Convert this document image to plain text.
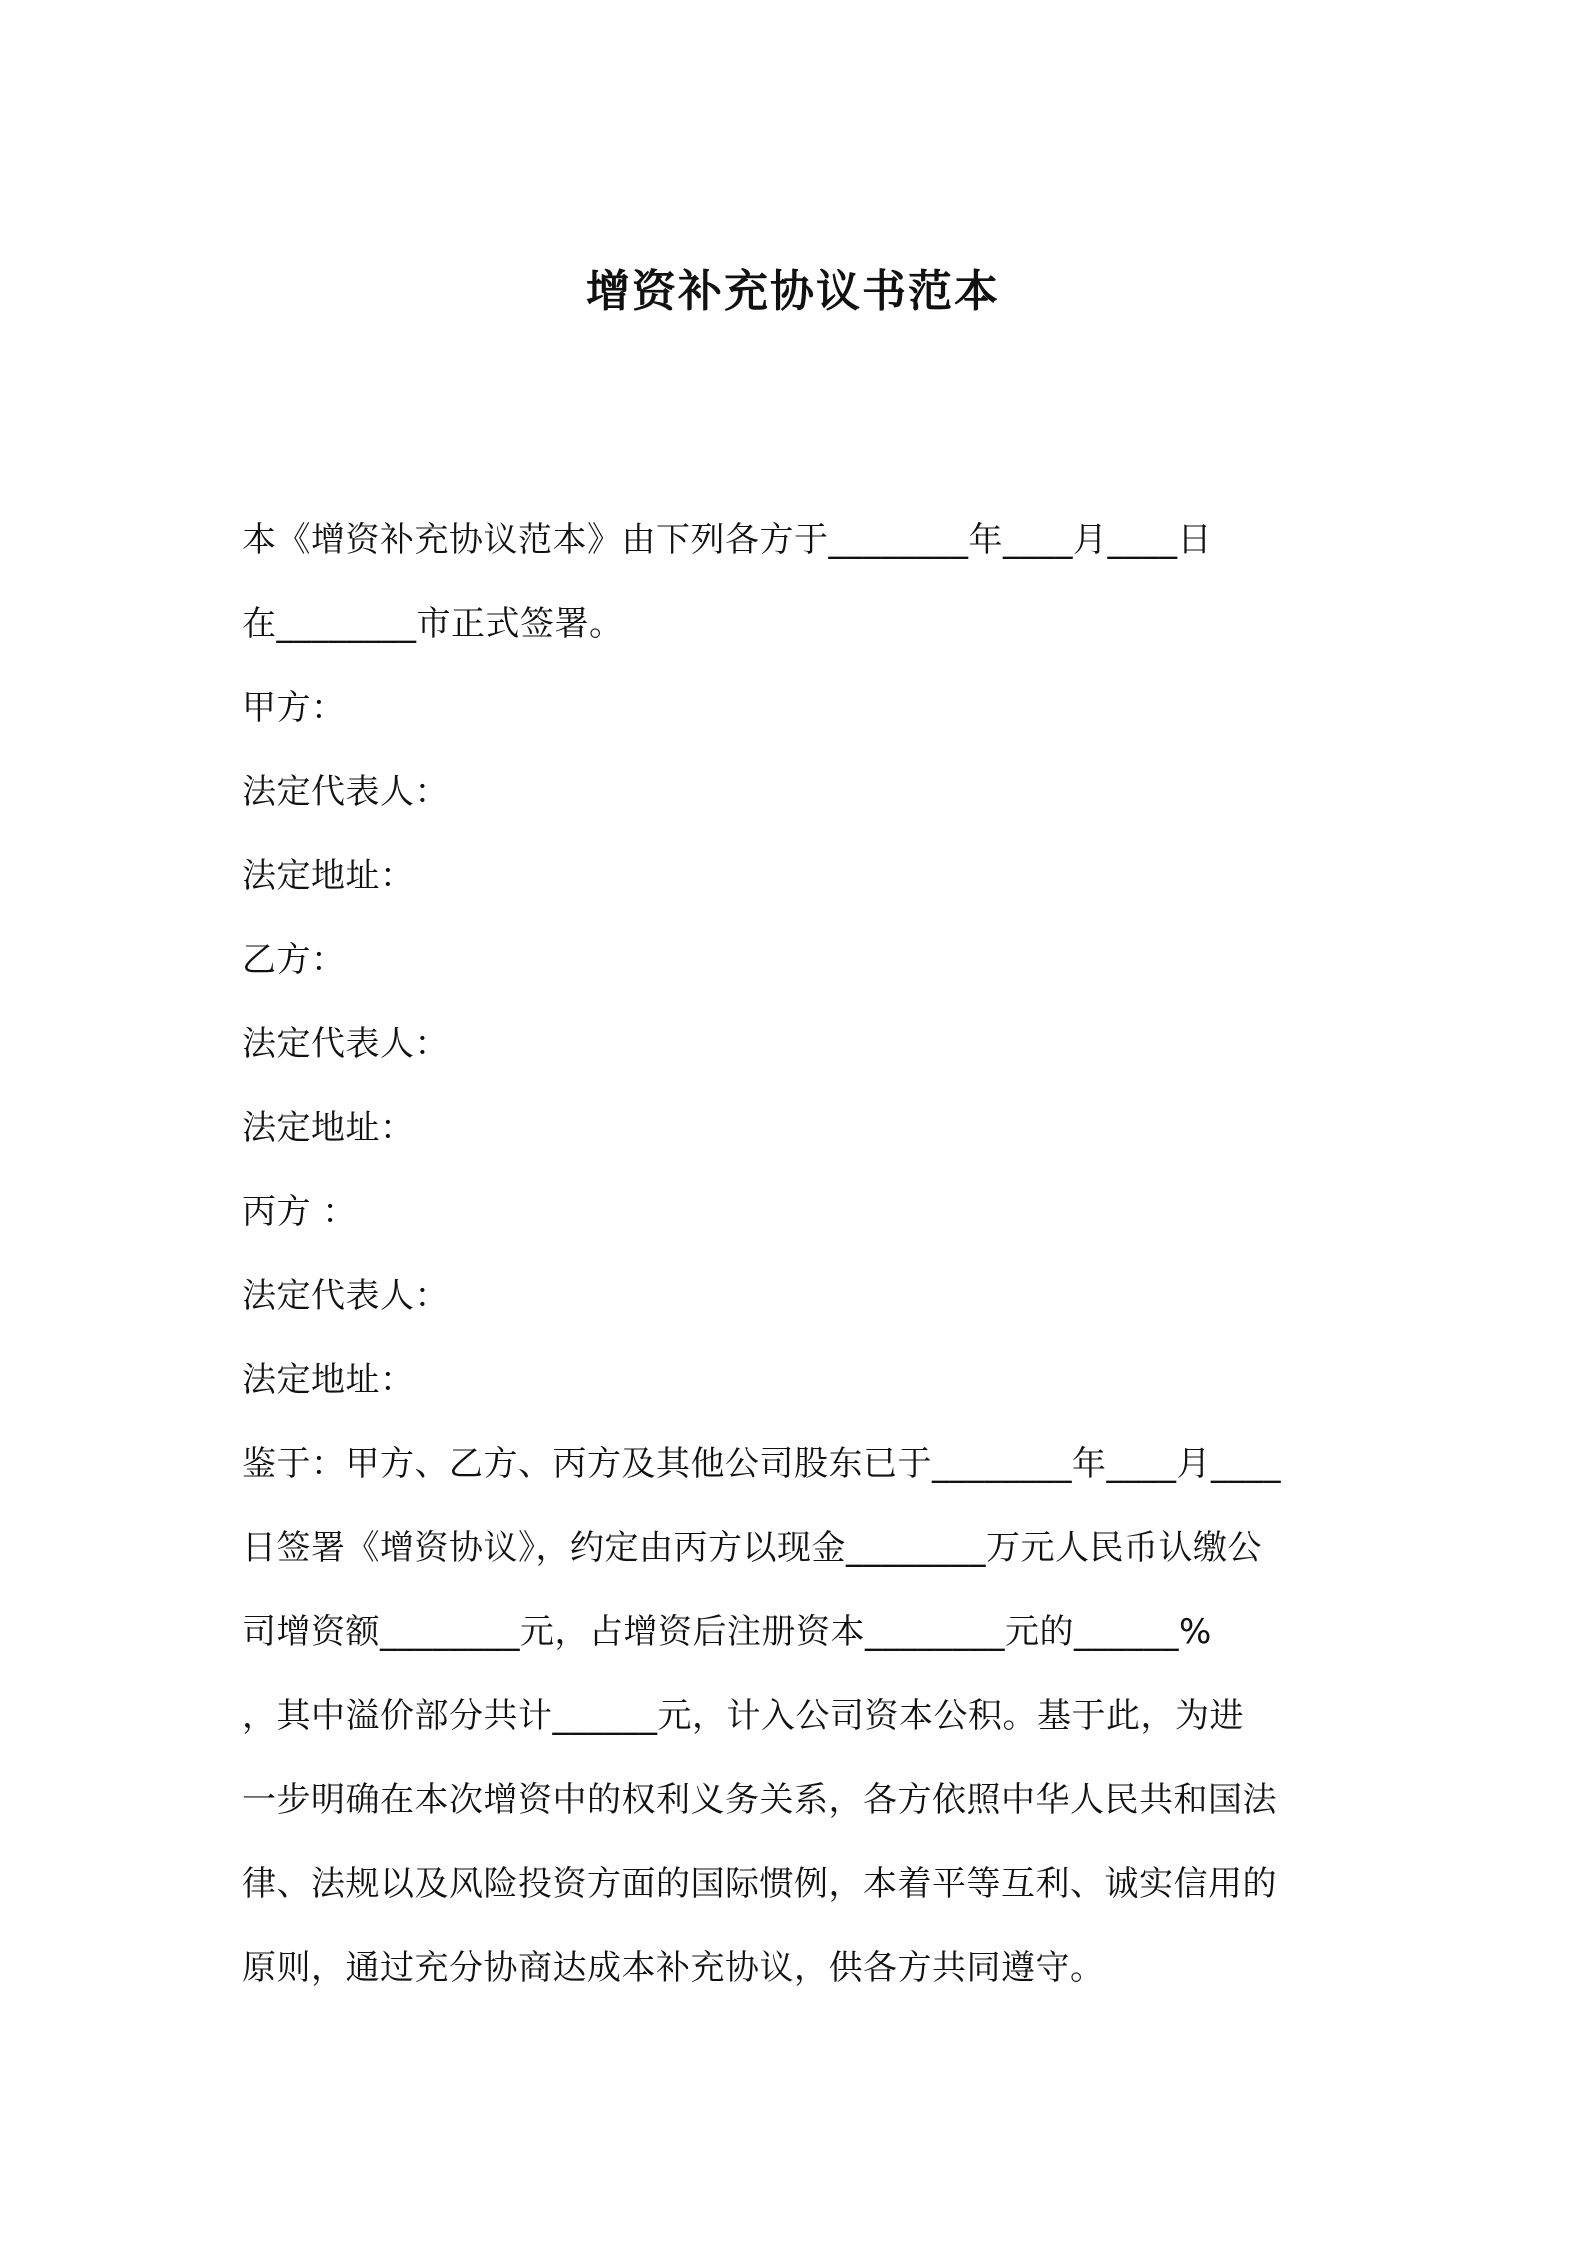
增资补充协议书范本
本《增资补充协议范本》由下列各方于________年____月____日
在________市正式签署。
甲方：
法定代表人：
法定地址：
乙方：
法定代表人：
法定地址：
丙方 ：
法定代表人：
法定地址：
鉴于：甲方、乙方、丙方及其他公司股东已于________年____月____
日签署《增资协议》，约定由丙方以现金________万元人民币认缴公
司增资额________元，占增资后注册资本________元的______%
，其中溢价部分共计______元，计入公司资本公积。基于此，为进
一步明确在本次增资中的权利义务关系，各方依照中华人民共和国法
律、法规以及风险投资方面的国际惯例，本着平等互利、诚实信用的
原则，通过充分协商达成本补充协议，供各方共同遵守。
